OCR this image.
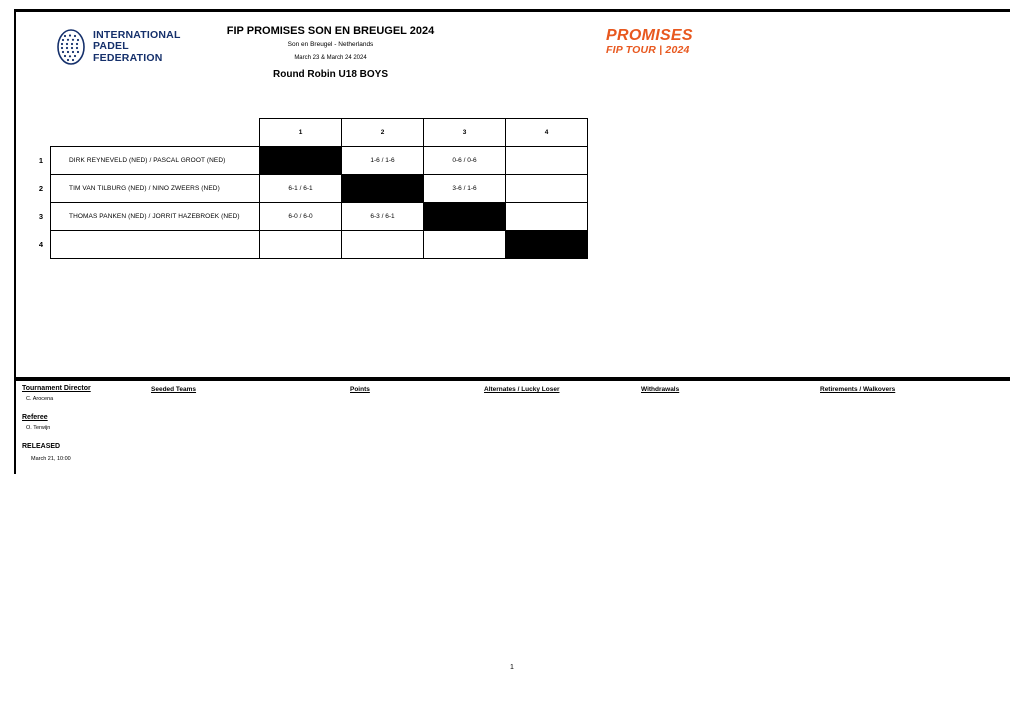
INTERNATIONAL
PADEL
FEDERATION
FIP PROMISES SON EN BREUGEL 2024
Son en Breugel - Netherlands
March 23 & March 24 2024
Round Robin U18 BOYS
PROMISES
FIP TOUR | 2024
		1	2	3	4
1	DIRK REYNEVELD (NED) / PASCAL GROOT (NED)		1-6 / 1-6	0-6 / 0-6	
2	TIM VAN TILBURG (NED) / NINO ZWEERS (NED)	6-1 / 6-1		3-6 / 1-6	
3	THOMAS PANKEN (NED) / JORRIT HAZEBROEK (NED)	6-0 / 6-0	6-3 / 6-1		
4					
Tournament Director
C. Arocena
Referee
O. Terwijn
RELEASED
March 21, 10:00
Seeded Teams	Points	Alternates / Lucky Loser	Withdrawals	Retirements / Walkovers
1
